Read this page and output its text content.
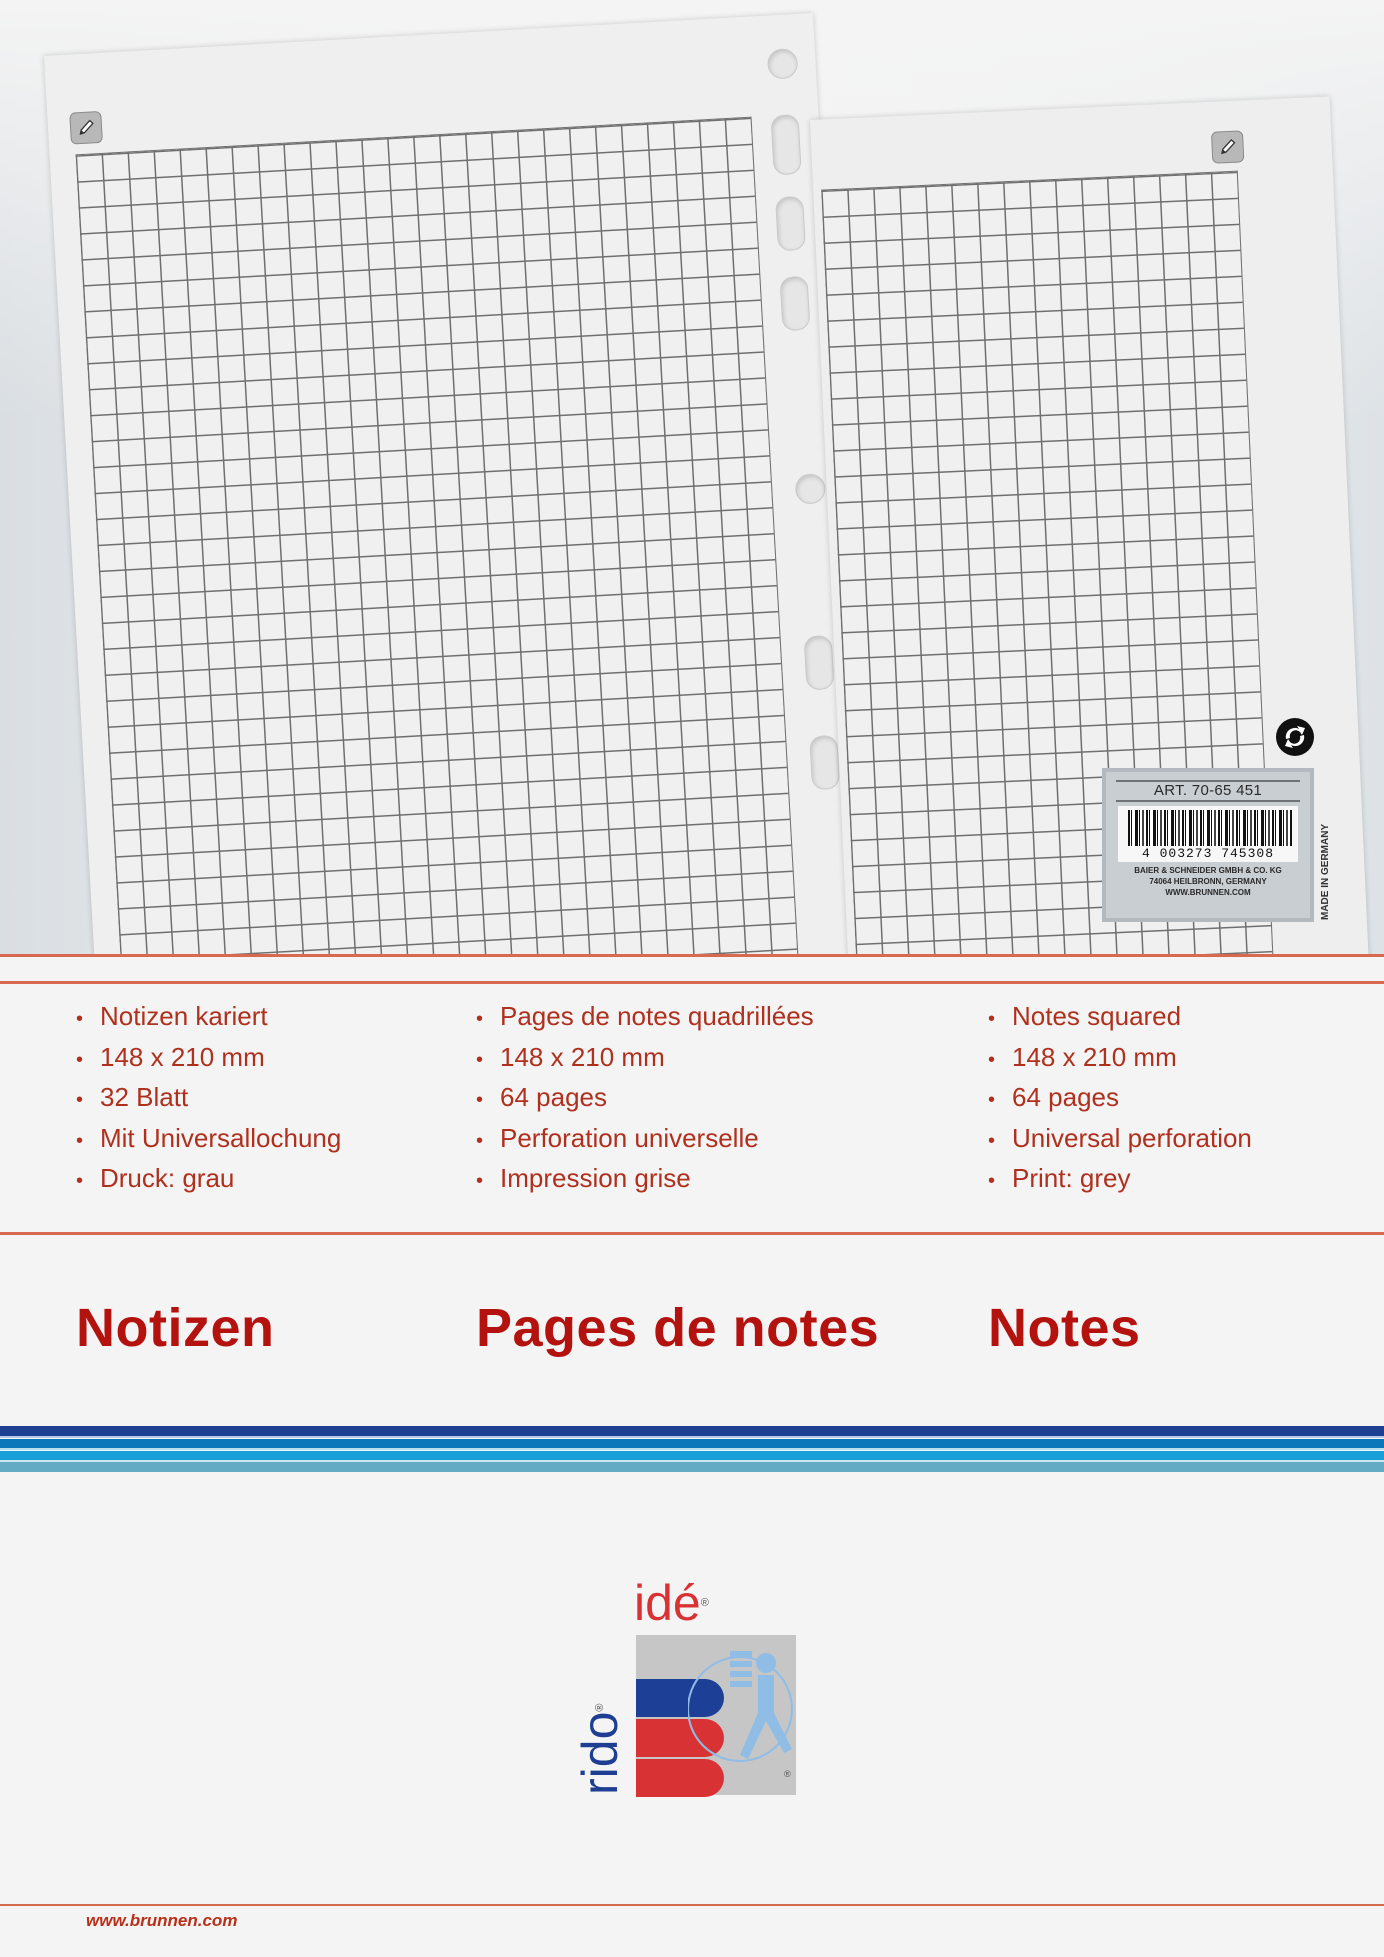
ART. 70-65 451
4 003273 745308
BAIER & SCHNEIDER GMBH & CO. KG
74064 HEILBRONN, GERMANY
WWW.BRUNNEN.COM	MADE IN GERMANY
• Notizen kariert
• 148 x 210 mm
• 32 Blatt
• Mit Universallochung
• Druck: grau
• Pages de notes quadrillées
• 148 x 210 mm
• 64 pages
• Perforation universelle
• Impression grise
• Notes squared
• 148 x 210 mm
• 64 pages
• Universal perforation
• Print: grey
Notizen	Pages de notes Notes
idé®
®
rido®
www.brunnen.com
